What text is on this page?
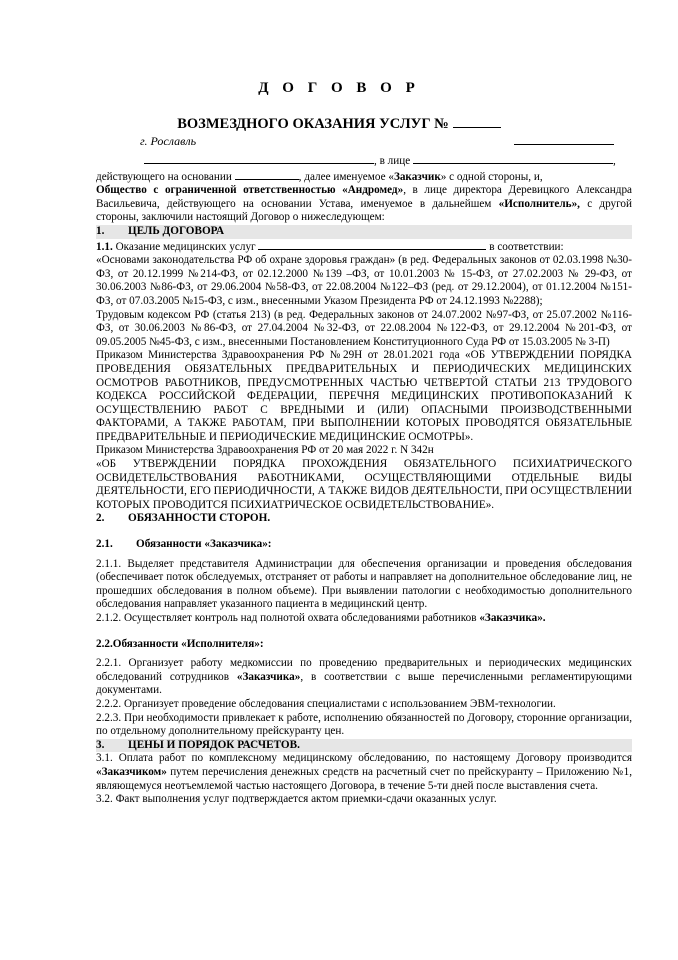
Д О Г О В О Р
ВОЗМЕЗДНОГО ОКАЗАНИЯ УСЛУГ №
г. Рославль

, в лице	,

действующего на основании	, далее именуемое «Заказчик» с одной стороны, и,

Общество с ограниченной ответственностью «Андромед», в лице директора Деревицкого Александра Васильевича, действующего на основании Устава, именуемое в дальнейшем «Исполнитель», с другой стороны, заключили настоящий Договор о нижеследующем:

1. ЦЕЛЬ ДОГОВОРА

1.1. Оказание медицинских услуг	в соответствии:

«Основами законодательства РФ об охране здоровья граждан» (в ред. Федеральных законов от 02.03.1998 №30-ФЗ, от 20.12.1999 №214-ФЗ, от 02.12.2000 №139 –ФЗ, от 10.01.2003 № 15-ФЗ, от 27.02.2003 № 29-ФЗ, от 30.06.2003 №86-ФЗ, от 29.06.2004 №58-ФЗ, от 22.08.2004 №122–ФЗ (ред. от 29.12.2004), от 01.12.2004 №151-ФЗ, от 07.03.2005 №15-ФЗ, с изм., внесенными Указом Президента РФ от 24.12.1993 №2288);

Трудовым кодексом РФ (статья 213) (в ред. Федеральных законов от 24.07.2002 №97-ФЗ, от 25.07.2002 №116-ФЗ, от 30.06.2003 №86-ФЗ, от 27.04.2004 №32-ФЗ, от 22.08.2004 №122-ФЗ, от 29.12.2004 №201-ФЗ, от 09.05.2005 №45-ФЗ, с изм., внесенными Постановлением Конституционного Суда РФ от 15.03.2005 № 3-П)

Приказом Министерства Здравоохранения РФ №29Н от 28.01.2021 года «ОБ УТВЕРЖДЕНИИ ПОРЯДКА ПРОВЕДЕНИЯ ОБЯЗАТЕЛЬНЫХ ПРЕДВАРИТЕЛЬНЫХ И ПЕРИОДИЧЕСКИХ МЕДИЦИНСКИХ ОСМОТРОВ РАБОТНИКОВ, ПРЕДУСМОТРЕННЫХ ЧАСТЬЮ ЧЕТВЕРТОЙ СТАТЬИ 213 ТРУДОВОГО КОДЕКСА РОССИЙСКОЙ ФЕДЕРАЦИИ, ПЕРЕЧНЯ МЕДИЦИНСКИХ ПРОТИВОПОКАЗАНИЙ К ОСУЩЕСТВЛЕНИЮ РАБОТ С ВРЕДНЫМИ И (ИЛИ) ОПАСНЫМИ ПРОИЗВОДСТВЕННЫМИ ФАКТОРАМИ, А ТАКЖЕ РАБОТАМ, ПРИ ВЫПОЛНЕНИИ КОТОРЫХ ПРОВОДЯТСЯ ОБЯЗАТЕЛЬНЫЕ ПРЕДВАРИТЕЛЬНЫЕ И ПЕРИОДИЧЕСКИЕ МЕДИЦИНСКИЕ ОСМОТРЫ».

Приказом Министерства Здравоохранения РФ от 20 мая 2022 г. N 342н

«ОБ УТВЕРЖДЕНИИ ПОРЯДКА ПРОХОЖДЕНИЯ ОБЯЗАТЕЛЬНОГО ПСИХИАТРИЧЕСКОГО ОСВИДЕТЕЛЬСТВОВАНИЯ РАБОТНИКАМИ, ОСУЩЕСТВЛЯЮЩИМИ ОТДЕЛЬНЫЕ ВИДЫ ДЕЯТЕЛЬНОСТИ, ЕГО ПЕРИОДИЧНОСТИ, А ТАКЖЕ ВИДОВ ДЕЯТЕЛЬНОСТИ, ПРИ ОСУЩЕСТВЛЕНИИ КОТОРЫХ ПРОВОДИТСЯ ПСИХИАТРИЧЕСКОЕ ОСВИДЕТЕЛЬСТВОВАНИЕ».

2. ОБЯЗАННОСТИ СТОРОН.

2.1. Обязанности «Заказчика»:

2.1.1. Выделяет представителя Администрации для обеспечения организации и проведения обследования (обеспечивает поток обследуемых, отстраняет от работы и направляет на дополнительное обследование лиц, не прошедших обследования в полном объеме). При выявлении патологии с необходимостью дополнительного обследования направляет указанного пациента в медицинский центр.

2.1.2. Осуществляет контроль над полнотой охвата обследованиями работников «Заказчика».

2.2.Обязанности «Исполнителя»:

2.2.1. Организует работу медкомиссии по проведению предварительных и периодических медицинских обследований сотрудников «Заказчика», в соответствии с выше перечисленными регламентирующими документами.

2.2.2. Организует проведение обследования специалистами с использованием ЭВМ-технологии.

2.2.3. При необходимости привлекает к работе, исполнению обязанностей по Договору, сторонние организации, по отдельному дополнительному прейскуранту цен.

3. ЦЕНЫ И ПОРЯДОК РАСЧЕТОВ.

3.1. Оплата работ по комплексному медицинскому обследованию, по настоящему Договору производится «Заказчиком» путем перечисления денежных средств на расчетный счет по прейскуранту – Приложению №1, являющемуся неотъемлемой частью настоящего Договора, в течение 5-ти дней после выставления счета.

3.2. Факт выполнения услуг подтверждается актом приемки-сдачи оказанных услуг.
